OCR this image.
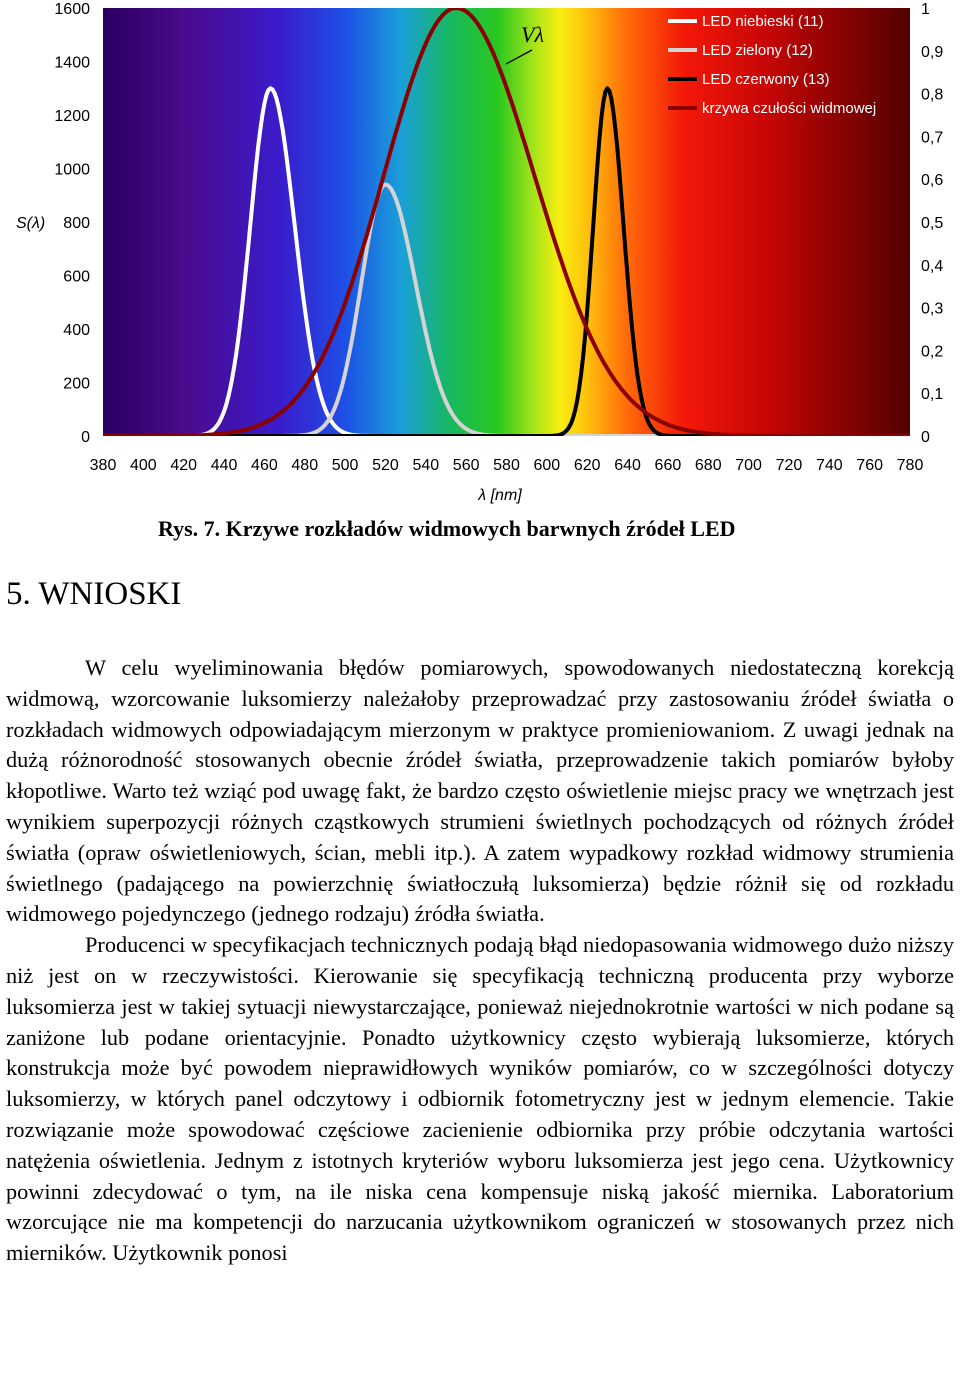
0
200
400
600
800
1000
1200
1400
1600
0
0,1
0,2
0,3
0,4
0,5
0,6
0,7
0,8
0,9
1
380 400 420 440 460 480 500 520 540 560 580 600 620 640 660 680 700 720 740 760 780
S(λ)
λ [nm]
Vλ
LED niebieski (11)
LED zielony (12)
LED czerwony (13)
krzywa czułości widmowej
Rys. 7. Krzywe rozkładów widmowych barwnych źródeł LED
5. WNIOSKI

W celu wyeliminowania błędów pomiarowych, spowodowanych niedostateczną korekcją widmową, wzorcowanie luksomierzy należałoby przeprowadzać przy zastosowaniu źródeł światła o rozkładach widmowych odpowiadającym mierzonym w praktyce promieniowaniom. Z uwagi jednak na dużą różnorodność stosowanych obecnie źródeł światła, przeprowadzenie takich pomiarów byłoby kłopotliwe. Warto też wziąć pod uwagę fakt, że bardzo często oświetlenie miejsc pracy we wnętrzach jest wynikiem superpozycji różnych cząstkowych strumieni świetlnych pochodzących od różnych źródeł światła (opraw oświetleniowych, ścian, mebli itp.). A zatem wypadkowy rozkład widmowy strumienia świetlnego (padającego na powierzchnię światłoczułą luksomierza) będzie różnił się od rozkładu widmowego pojedynczego (jednego rodzaju) źródła światła.

Producenci w specyfikacjach technicznych podają błąd niedopasowania widmowego dużo niższy niż jest on w rzeczywistości. Kierowanie się specyfikacją techniczną producenta przy wyborze luksomierza jest w takiej sytuacji niewystarczające, ponieważ niejednokrotnie wartości w nich podane są zaniżone lub podane orientacyjnie. Ponadto użytkownicy często wybierają luksomierze, których konstrukcja może być powodem nieprawidłowych wyników pomiarów, co w szczególności dotyczy luksomierzy, w których panel odczytowy i odbiornik fotometryczny jest w jednym elemencie. Takie rozwiązanie może spowodować częściowe zacienienie odbiornika przy próbie odczytania wartości natężenia oświetlenia. Jednym z istotnych kryteriów wyboru luksomierza jest jego cena. Użytkownicy powinni zdecydować o tym, na ile niska cena kompensuje niską jakość miernika. Laboratorium wzorcujące nie ma kompetencji do narzucania użytkownikom ograniczeń w stosowanych przez nich mierników. Użytkownik ponosi
